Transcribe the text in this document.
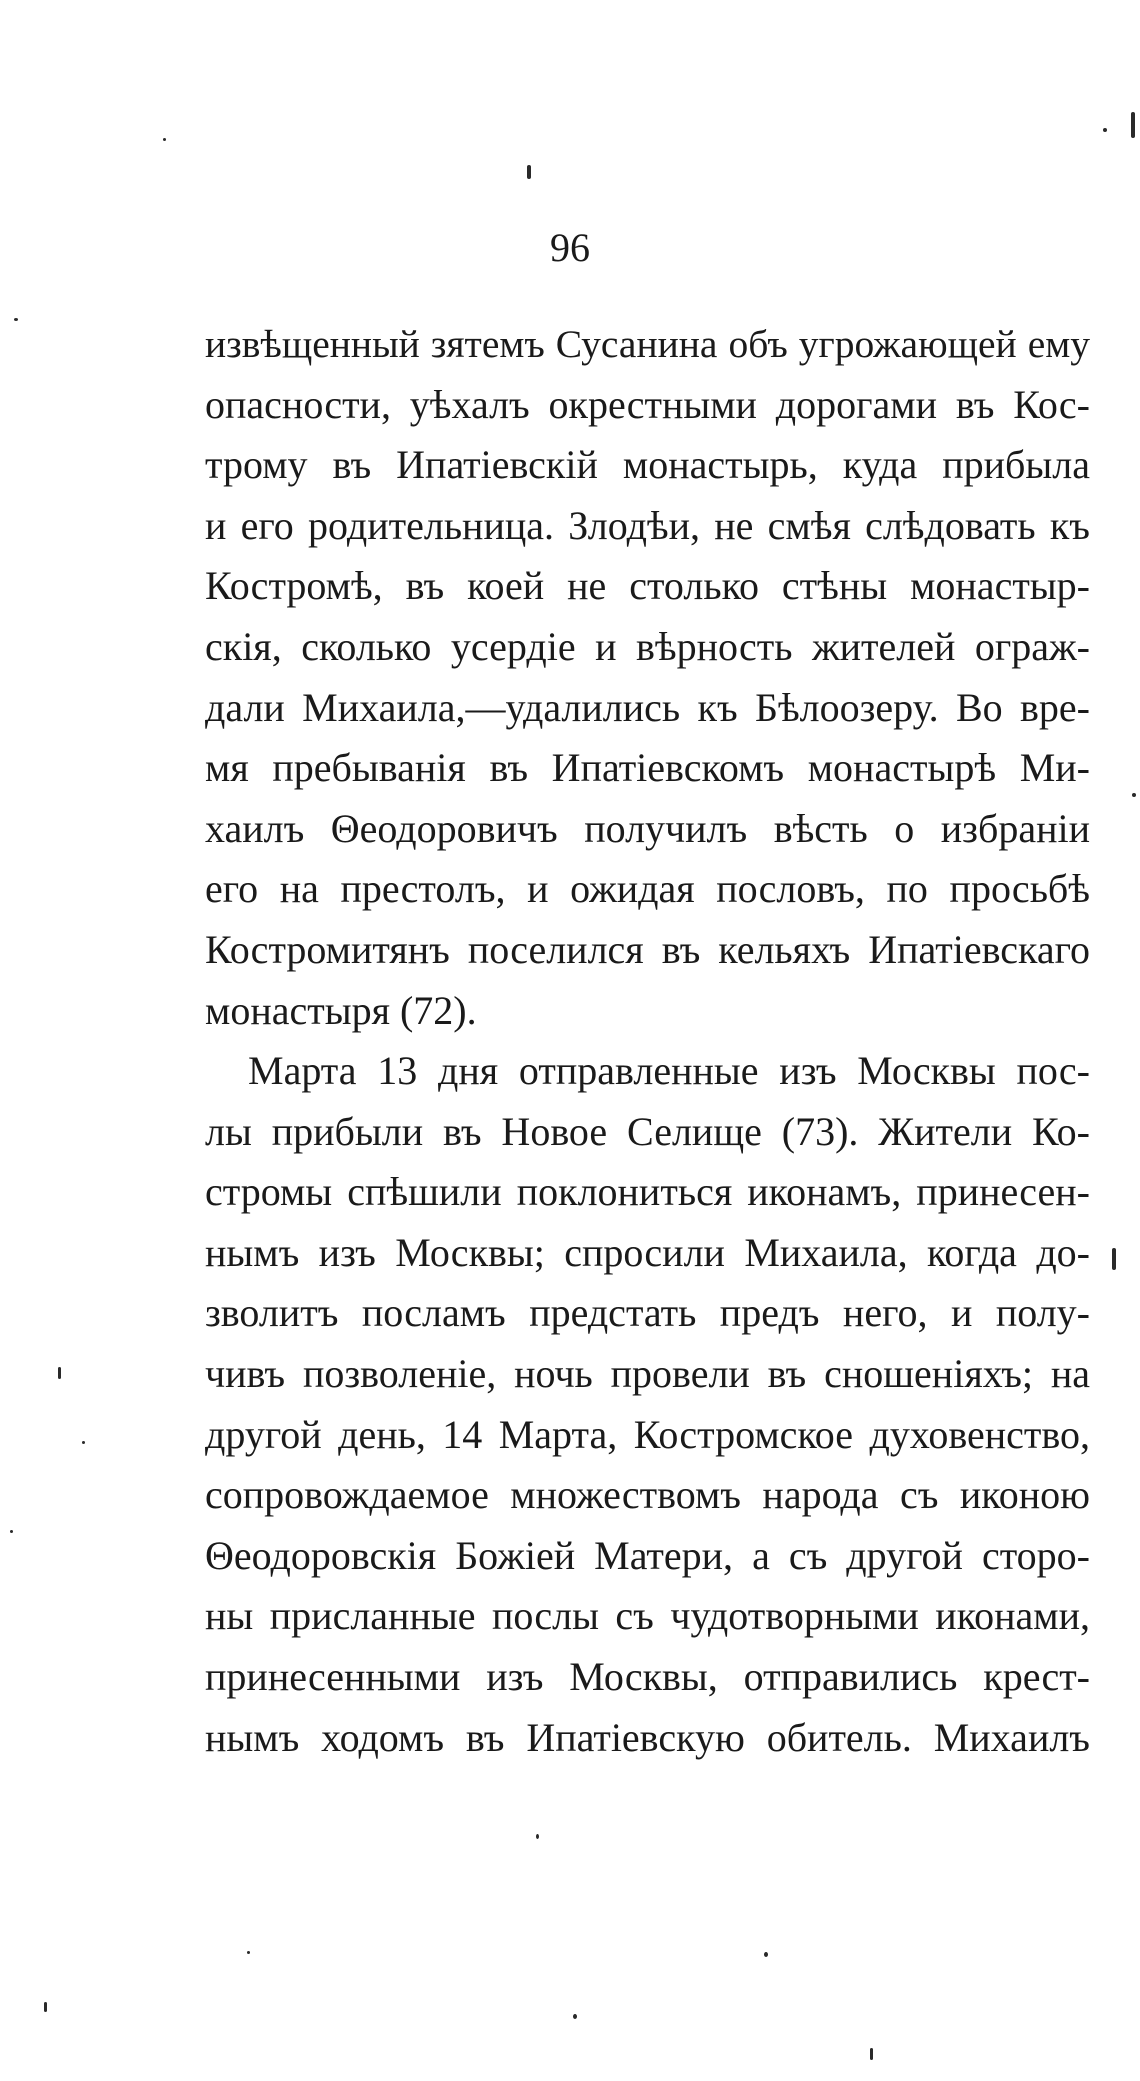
96
извѣщенный зятемъ Сусанина объ угрожающей ему
опасности, уѣхалъ окрестными дорогами въ Кос-
трому въ Ипатiевскiй монастырь, куда прибыла
и его родительница. Злодѣи, не смѣя слѣдовать къ
Костромѣ, въ коей не столько стѣны монастыр-
скiя, сколько усердiе и вѣрность жителей ограж-
дали Михаила,—удалились къ Бѣлоозеру. Во вре-
мя пребыванiя въ Ипатiевскомъ монастырѣ Ми-
хаилъ Θеодоровичъ получилъ вѣсть о избранiи
его на престолъ, и ожидая пословъ, по просьбѣ
Костромитянъ поселился въ кельяхъ Ипатiевскаго
монастыря (72).
Марта 13 дня отправленные изъ Москвы пос-
лы прибыли въ Новое Селище (73). Жители Ко-
стромы спѣшили поклониться иконамъ, принесен-
нымъ изъ Москвы; спросили Михаила, когда до-
зволитъ посламъ предстать предъ него, и полу-
чивъ позволенiе, ночь провели въ сношенiяхъ; на
другой день, 14 Марта, Костромское духовенство,
сопровождаемое множествомъ народа съ иконою
Θеодоровскiя Божiей Матери, а съ другой сторо-
ны присланные послы съ чудотворными иконами,
принесенными изъ Москвы, отправились крест-
нымъ ходомъ въ Ипатiевскую обитель. Михаилъ
